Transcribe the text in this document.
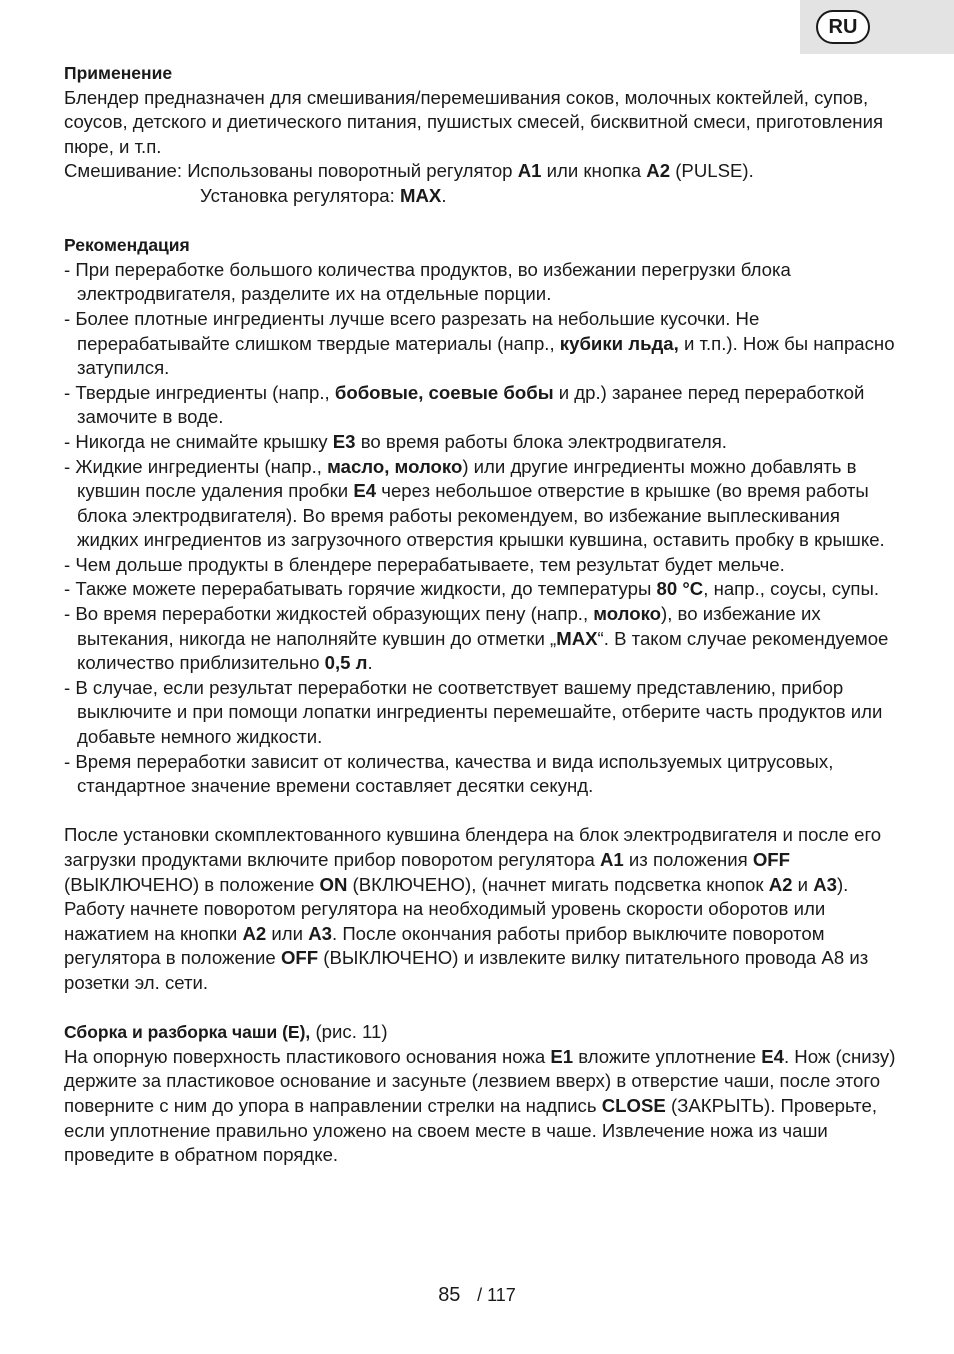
RU

Применение

Блендер предназначен для смешивания/перемешивания соков, молочных коктейлей, супов, соусов, детского и диетического питания, пушистых смесей, бисквитной смеси, приготовления пюре, и т.п.

Смешивание: Использованы поворотный регулятор A1 или кнопка A2 (PULSE).

Установка регулятора: MAX.

Рекомендация

- При переработке большого количества продуктов, во избежании перегрузки блока электродвигателя, разделите их на отдельные порции.
- Более плотные ингредиенты лучше всего разрезать на небольшие кусочки. Не перерабатывайте слишком твердые материалы (напр., кубики льда, и т.п.). Нож бы напрасно затупился.
- Твердые ингредиенты (напр., бобовые, соевые бобы и др.) заранее перед переработкой замочите в воде.
- Никогда не снимайте крышку E3 во время работы блока электродвигателя.
- Жидкие ингредиенты (напр., масло, молоко) или другие ингредиенты можно добавлять в кувшин после удаления пробки E4 через небольшое отверстие в крышке (во время работы блока электродвигателя). Во время работы рекомендуем, во избежание выплескивания жидких ингредиентов из загрузочного отверстия крышки кувшина, оставить пробку в крышке.
- Чем дольше продукты в блендере перерабатываете, тем результат будет мельче.
- Также можете перерабатывать горячие жидкости, до температуры 80 °C, напр., соусы, супы.
- Во время переработки жидкостей образующих пену (напр., молоко), во избежание их вытекания, никогда не наполняйте кувшин до отметки „MAX“. В таком случае рекомендуемое количество приблизительно 0,5 л.
- В случае, если результат переработки не соответствует вашему представлению, прибор выключите и при помощи лопатки ингредиенты перемешайте, отберите часть продуктов или добавьте немного жидкости.
- Время переработки зависит от количества, качества и вида используемых цитрусовых, стандартное значение времени составляет десятки секунд.

После установки скомплектованного кувшина блендера на блок электродвигателя и после его загрузки продуктами включите прибор поворотом регулятора A1 из положения OFF (ВЫКЛЮЧЕНО) в положение ON (ВКЛЮЧЕНО), (начнет мигать подсветка кнопок A2 и A3). Работу начнете поворотом регулятора на необходимый уровень скорости оборотов или нажатием на кнопки A2 или A3. После окончания работы прибор выключите поворотом регулятора в положение OFF (ВЫКЛЮЧЕНО) и извлеките вилку питательного провода A8 из розетки эл. сети.

Сборка и разборка чаши (E), (рис. 11)

На опорную поверхность пластикового основания ножа E1 вложите уплотнение E4. Нож (снизу) держите за пластиковое основание и засуньте (лезвием вверх) в отверстие чаши, после этого поверните с ним до упора в направлении стрелки на надпись CLOSE (ЗАКРЫТЬ). Проверьте, если уплотнение правильно уложено на своем месте в чаше. Извлечение ножа из чаши проведите в обратном порядке.

85 / 117
